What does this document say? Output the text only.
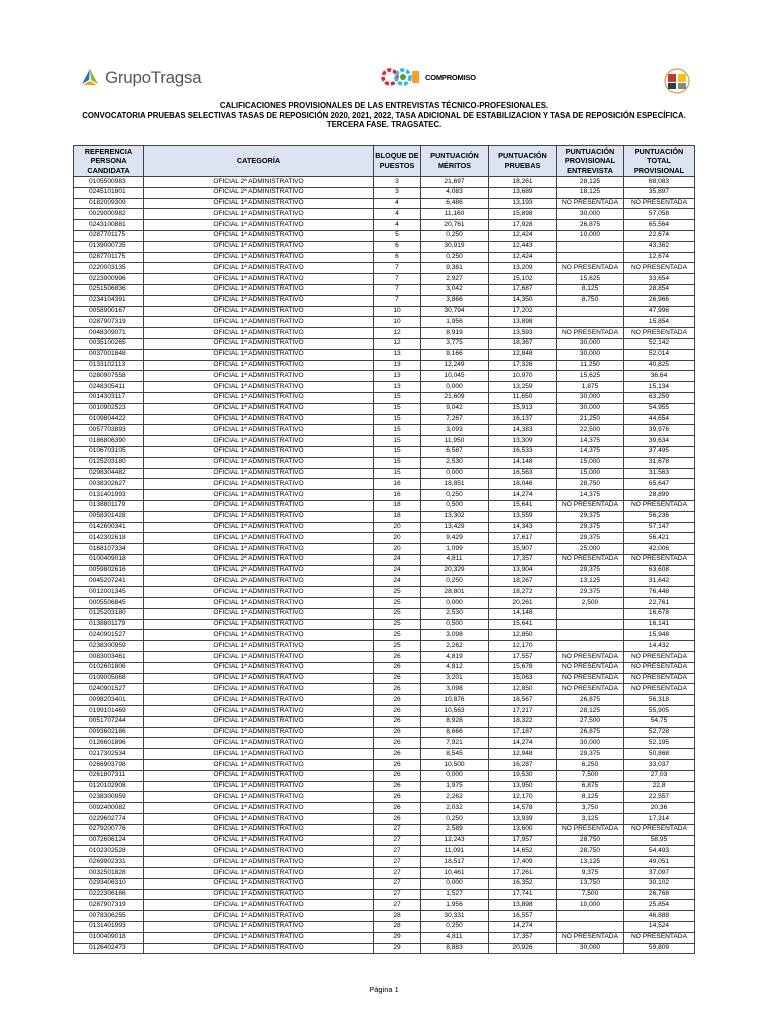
GrupoTragsa	COMPROMISO
CALIFICACIONES PROVISIONALES DE LAS ENTREVISTAS TÉCNICO-PROFESIONALES.
CONVOCATORIA PRUEBAS SELECTIVAS TASAS DE REPOSICIÓN 2020, 2021, 2022, TASA ADICIONAL DE ESTABILIZACION Y TASA DE REPOSICIÓN ESPECÍFICA.
TERCERA FASE. TRAGSATEC.
REFERENCIA PERSONA CANDIDATA	CATEGORÍA	BLOQUE DE PUESTOS	PUNTUACIÓN MÉRITOS	PUNTUACIÓN PRUEBAS	PUNTUACIÓN PROVISIONAL ENTREVISTA	PUNTUACIÓN TOTAL PROVISIONAL
0105500983	OFICIAL 2ª ADMINISTRATIVO	3	21,697	18,261	28,125	68,083
0245101801	OFICIAL 2ª ADMINISTRATIVO	3	4,083	13,689	18,125	35,897
0182009309	OFICIAL 1ª ADMINISTRATIVO	4	6,486	13,193	NO PRESENTADA	NO PRESENTADA
0029000982	OFICIAL 1ª ADMINISTRATIVO	4	11,160	15,898	30,000	57,058
0243100881	OFICIAL 1ª ADMINISTRATIVO	4	20,761	17,928	26,875	65,564
0287701175	OFICIAL 1ª ADMINISTRATIVO	5	0,250	12,424	10,000	22,674
0139000735	OFICIAL 1ª ADMINISTRATIVO	6	30,919	12,443		43,362
0287701175	OFICIAL 1ª ADMINISTRATIVO	6	0,250	12,424		12,674
0220003135	OFICIAL 1ª ADMINISTRATIVO	7	9,381	13,209	NO PRESENTADA	NO PRESENTADA
0223900996	OFICIAL 1ª ADMINISTRATIVO	7	2,927	15,102	15,625	33,654
0251506836	OFICIAL 1ª ADMINISTRATIVO	7	3,042	17,687	8,125	28,854
0234104391	OFICIAL 1ª ADMINISTRATIVO	7	3,866	14,350	8,750	26,966
0058900167	OFICIAL 1ª ADMINISTRATIVO	10	30,794	17,202		47,996
0287907319	OFICIAL 1ª ADMINISTRATIVO	10	1,956	13,898		15,854
0048309071	OFICIAL 1ª ADMINISTRATIVO	12	8,919	13,593	NO PRESENTADA	NO PRESENTADA
0035100265	OFICIAL 1ª ADMINISTRATIVO	12	3,775	18,367	30,000	52,142
0037001848	OFICIAL 1ª ADMINISTRATIVO	13	9,166	12,848	30,000	52,014
0133102113	OFICIAL 1ª ADMINISTRATIVO	13	12,249	17,326	11,250	40,825
0280907558	OFICIAL 1ª ADMINISTRATIVO	13	10,045	10,970	15,625	36,64
0248305411	OFICIAL 1ª ADMINISTRATIVO	13	0,000	13,259	1,875	15,134
0014303117	OFICIAL 1ª ADMINISTRATIVO	15	21,609	11,650	30,000	63,259
0010902523	OFICIAL 1ª ADMINISTRATIVO	15	9,042	15,913	30,000	54,955
0109804422	OFICIAL 1ª ADMINISTRATIVO	15	7,267	16,137	21,250	44,654
0057703893	OFICIAL 1ª ADMINISTRATIVO	15	3,093	14,383	22,500	39,976
0186806390	OFICIAL 1ª ADMINISTRATIVO	15	11,950	13,309	14,375	39,634
0106703105	OFICIAL 1ª ADMINISTRATIVO	15	6,587	16,533	14,375	37,495
0125203180	OFICIAL 1ª ADMINISTRATIVO	15	2,530	14,148	15,000	31,678
0298304482	OFICIAL 1ª ADMINISTRATIVO	15	0,000	16,563	15,000	31,563
0038302627	OFICIAL 1ª ADMINISTRATIVO	16	18,851	18,046	28,750	65,647
0131401993	OFICIAL 1ª ADMINISTRATIVO	16	0,250	14,274	14,375	28,899
0138801179	OFICIAL 1ª ADMINISTRATIVO	18	0,500	15,641	NO PRESENTADA	NO PRESENTADA
0058301428	OFICIAL 1ª ADMINISTRATIVO	18	13,302	13,559	29,375	56,236
0142600341	OFICIAL 1ª ADMINISTRATIVO	20	13,429	14,343	29,375	57,147
0142302618	OFICIAL 1ª ADMINISTRATIVO	20	9,429	17,617	29,375	56,421
0168107334	OFICIAL 1ª ADMINISTRATIVO	20	1,099	15,907	25,000	42,006
0100409018	OFICIAL 2ª ADMINISTRATIVO	24	4,811	17,357	NO PRESENTADA	NO PRESENTADA
0059802616	OFICIAL 2ª ADMINISTRATIVO	24	20,329	13,904	29,375	63,608
0045207241	OFICIAL 2ª ADMINISTRATIVO	24	0,250	18,267	13,125	31,642
0012001345	OFICIAL 1ª ADMINISTRATIVO	25	28,801	18,272	29,375	76,448
0005506845	OFICIAL 1ª ADMINISTRATIVO	25	0,000	20,261	2,500	22,761
0125203180	OFICIAL 1ª ADMINISTRATIVO	25	2,530	14,148		16,678
0138801179	OFICIAL 1ª ADMINISTRATIVO	25	0,500	15,641		16,141
0240901527	OFICIAL 1ª ADMINISTRATIVO	25	3,098	12,850		15,948
0238300959	OFICIAL 1ª ADMINISTRATIVO	25	2,262	12,170		14,432
0083003461	OFICIAL 1ª ADMINISTRATIVO	26	4,819	17,557	NO PRESENTADA	NO PRESENTADA
0102601806	OFICIAL 1ª ADMINISTRATIVO	26	4,812	15,678	NO PRESENTADA	NO PRESENTADA
0109005068	OFICIAL 1ª ADMINISTRATIVO	26	3,201	15,063	NO PRESENTADA	NO PRESENTADA
0240901527	OFICIAL 1ª ADMINISTRATIVO	26	3,098	12,850	NO PRESENTADA	NO PRESENTADA
0098203401	OFICIAL 1ª ADMINISTRATIVO	26	10,876	18,567	26,875	56,318
0199101469	OFICIAL 1ª ADMINISTRATIVO	26	10,563	17,217	28,125	55,905
0051707244	OFICIAL 1ª ADMINISTRATIVO	26	8,928	18,322	27,500	54,75
0093602186	OFICIAL 1ª ADMINISTRATIVO	26	8,666	17,187	26,875	52,728
0126601896	OFICIAL 1ª ADMINISTRATIVO	26	7,921	14,274	30,000	52,195
0217302534	OFICIAL 1ª ADMINISTRATIVO	26	8,545	12,948	29,375	50,868
0266903798	OFICIAL 1ª ADMINISTRATIVO	26	10,500	16,287	6,250	33,037
0261807311	OFICIAL 1ª ADMINISTRATIVO	26	0,000	19,530	7,500	27,03
0120102908	OFICIAL 1ª ADMINISTRATIVO	26	1,975	13,950	6,875	22,8
0238300959	OFICIAL 1ª ADMINISTRATIVO	26	2,262	12,170	8,125	22,557
0092400082	OFICIAL 1ª ADMINISTRATIVO	26	2,032	14,578	3,750	20,36
0229602774	OFICIAL 1ª ADMINISTRATIVO	26	0,250	13,939	3,125	17,314
0279200776	OFICIAL 1ª ADMINISTRATIVO	27	2,589	13,600	NO PRESENTADA	NO PRESENTADA
0072606124	OFICIAL 1ª ADMINISTRATIVO	27	12,243	17,957	28,750	58,95
0102302528	OFICIAL 1ª ADMINISTRATIVO	27	11,091	14,652	28,750	54,493
0269902331	OFICIAL 1ª ADMINISTRATIVO	27	18,517	17,409	13,125	49,051
0032501828	OFICIAL 1ª ADMINISTRATIVO	27	10,461	17,261	9,375	37,097
0293406310	OFICIAL 1ª ADMINISTRATIVO	27	0,000	16,352	13,750	30,102
0222306186	OFICIAL 1ª ADMINISTRATIVO	27	1,527	17,741	7,500	26,768
0287907319	OFICIAL 1ª ADMINISTRATIVO	27	1,956	13,898	10,000	25,854
0078306255	OFICIAL 1ª ADMINISTRATIVO	28	30,331	16,557		46,888
0131401993	OFICIAL 1ª ADMINISTRATIVO	28	0,250	14,274		14,524
0100409018	OFICIAL 1ª ADMINISTRATIVO	29	4,811	17,357	NO PRESENTADA	NO PRESENTADA
0126402473	OFICIAL 1ª ADMINISTRATIVO	29	8,883	20,926	30,000	59,809
Página 1
